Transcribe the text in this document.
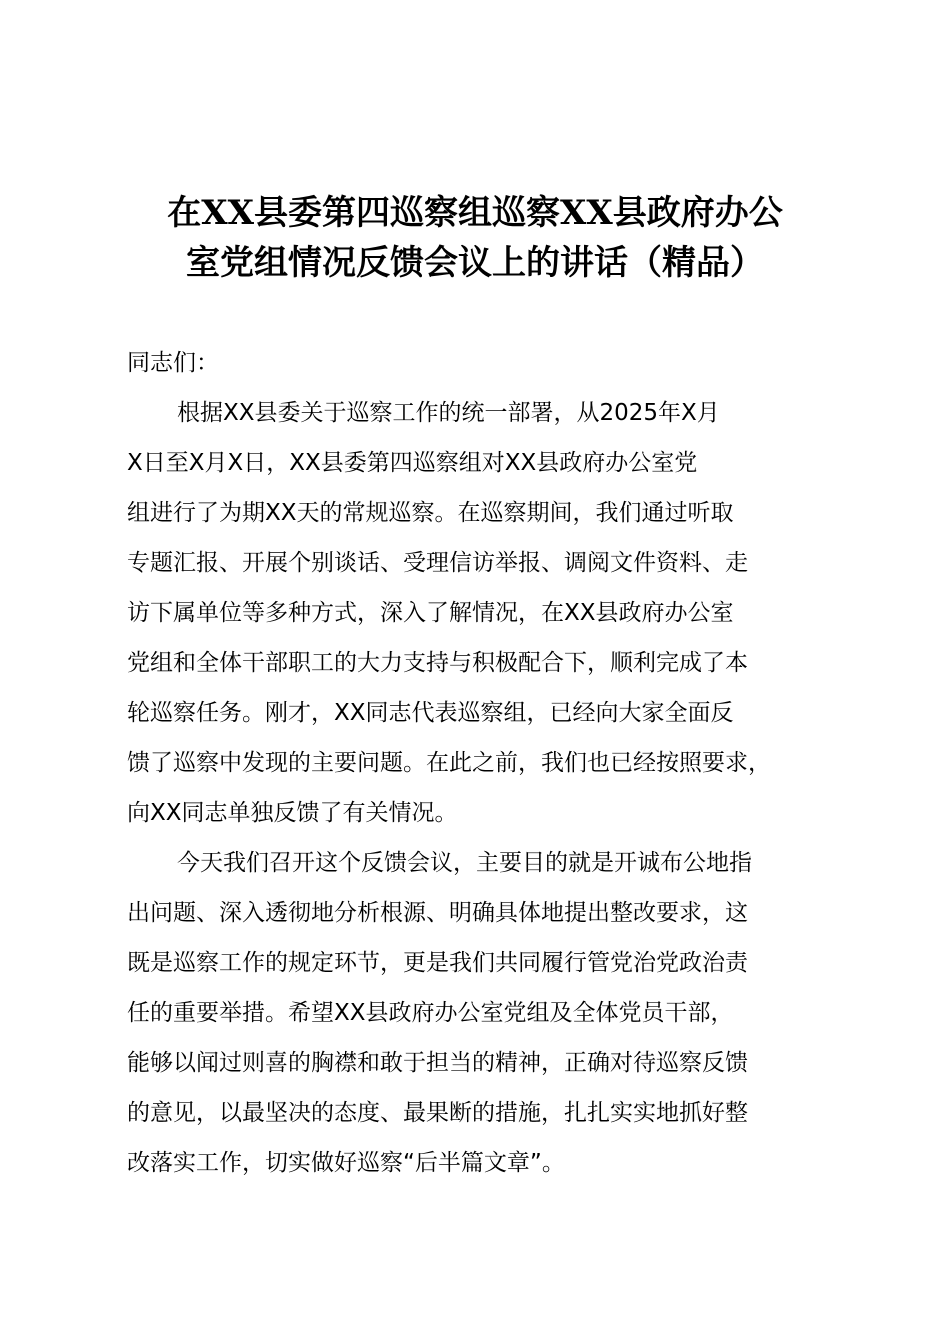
在XX县委第四巡察组巡察XX县政府办公
室党组情况反馈会议上的讲话（精品）
同志们：
根据XX县委关于巡察工作的统一部署，从2025年X月
X日至X月X日，XX县委第四巡察组对XX县政府办公室党
组进行了为期XX天的常规巡察。在巡察期间，我们通过听取
专题汇报、开展个别谈话、受理信访举报、调阅文件资料、走
访下属单位等多种方式，深入了解情况，在XX县政府办公室
党组和全体干部职工的大力支持与积极配合下，顺利完成了本
轮巡察任务。刚才，XX同志代表巡察组，已经向大家全面反
馈了巡察中发现的主要问题。在此之前，我们也已经按照要求，
向XX同志单独反馈了有关情况。
今天我们召开这个反馈会议，主要目的就是开诚布公地指
出问题、深入透彻地分析根源、明确具体地提出整改要求，这
既是巡察工作的规定环节，更是我们共同履行管党治党政治责
任的重要举措。希望XX县政府办公室党组及全体党员干部，
能够以闻过则喜的胸襟和敢于担当的精神，正确对待巡察反馈
的意见，以最坚决的态度、最果断的措施，扎扎实实地抓好整
改落实工作，切实做好巡察“后半篇文章”。
